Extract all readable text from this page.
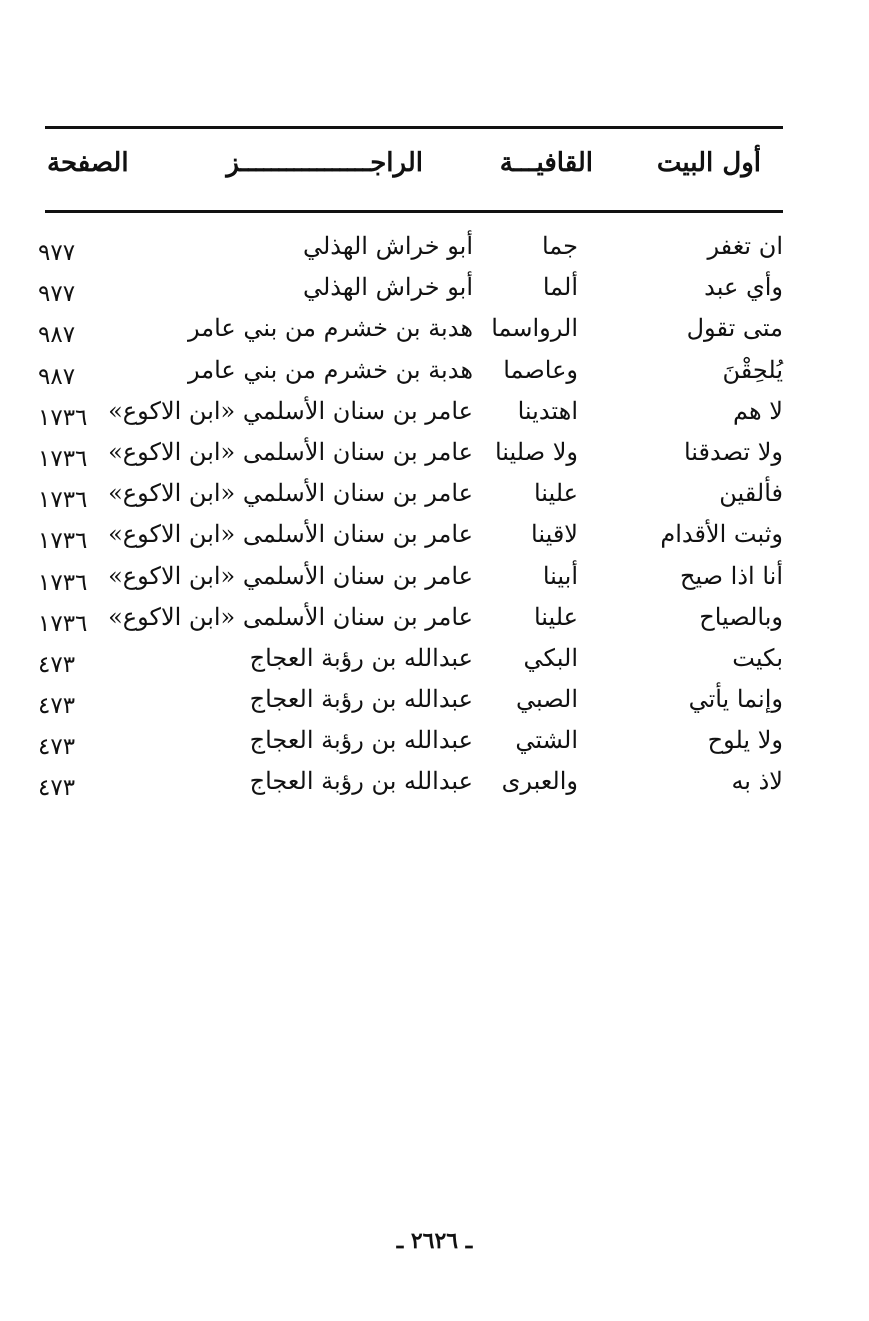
أول البيت
القافيـــة
الراجـــــــــــــــــز
الصفحة
ان تغفر
جما
أبو خراش الهذلي
٩٧٧
وأي عبد
ألما
أبو خراش الهذلي
٩٧٧
متى تقول
الرواسما
هدبة بن خشرم من بني عامر
٩٨٧
يُلحِقْنَ
وعاصما
هدبة بن خشرم من بني عامر
٩٨٧
لا هم
اهتدينا
عامر بن سنان الأسلمي «ابن الاكوع»
١٧٣٦
ولا تصدقنا
ولا صلينا
عامر بن سنان الأسلمى «ابن الاكوع»
١٧٣٦
فألقين
علينا
عامر بن سنان الأسلمي «ابن الاكوع»
١٧٣٦
وثبت الأقدام
لاقينا
عامر بن سنان الأسلمى «ابن الاكوع»
١٧٣٦
أنا اذا صيح
أبينا
عامر بن سنان الأسلمي «ابن الاكوع»
١٧٣٦
وبالصياح
علينا
عامر بن سنان الأسلمى «ابن الاكوع»
١٧٣٦
بكيت
البكي
عبدالله بن رؤبة العجاج
٤٧٣
وإنما يأتي
الصبي
عبدالله بن رؤبة العجاج
٤٧٣
ولا يلوح
الشتي
عبدالله بن رؤبة العجاج
٤٧٣
لاذ به
والعبرى
عبدالله بن رؤبة العجاج
٤٧٣
ـ ٢٦٢٦ ـ
